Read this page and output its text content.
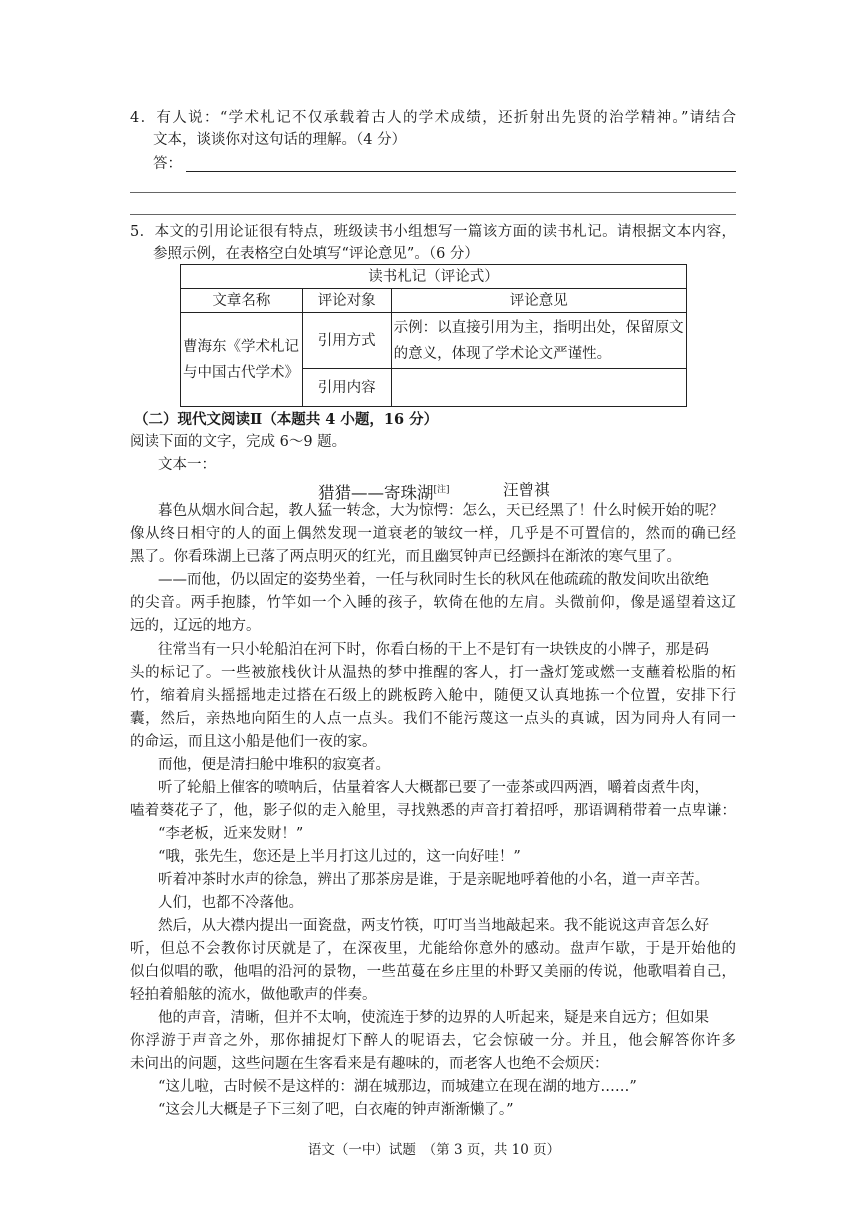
4．有人说：“学术札记不仅承载着古人的学术成绩，还折射出先贤的治学精神。”请结合
文本，谈谈你对这句话的理解。（4 分）
答：
5．本文的引用论证很有特点，班级读书小组想写一篇该方面的读书札记。请根据文本内容，
参照示例，在表格空白处填写“评论意见”。（6 分）
读书札记（评论式）		
文章名称	评论对象	评论意见
曹海东《学术札记与中国古代学术》	引用方式	示例：以直接引用为主，指明出处，保留原文的意义，体现了学术论文严谨性。
	引用内容	
（二）现代文阅读Ⅱ（本题共 4 小题，16 分）
阅读下面的文字，完成 6～9 题。
文本一：
猎猎——寄珠湖[注]	汪曾祺
暮色从烟水间合起，教人猛一转念，大为惊愕：怎么，天已经黑了！什么时候开始的呢？
像从终日相守的人的面上偶然发现一道衰老的皱纹一样，几乎是不可置信的，然而的确已经
黑了。你看珠湖上已落了两点明灭的红光，而且幽冥钟声已经颤抖在渐浓的寒气里了。
——而他，仍以固定的姿势坐着，一任与秋同时生长的秋风在他疏疏的散发间吹出欲绝
的尖音。两手抱膝，竹竿如一个入睡的孩子，软倚在他的左肩。头微前仰，像是遥望着这辽
远的，辽远的地方。
往常当有一只小轮船泊在河下时，你看白杨的干上不是钉有一块铁皮的小牌子，那是码
头的标记了。一些被旅栈伙计从温热的梦中推醒的客人，打一盏灯笼或燃一支蘸着松脂的柘
竹，缩着肩头摇摇地走过搭在石级上的跳板跨入舱中，随便又认真地拣一个位置，安排下行
囊，然后，亲热地向陌生的人点一点头。我们不能污蔑这一点头的真诚，因为同舟人有同一
的命运，而且这小船是他们一夜的家。
而他，便是清扫舱中堆积的寂寞者。
听了轮船上催客的喷呐后，估量着客人大概都已要了一壶茶或四两酒，嚼着卤煮牛肉，
嗑着葵花子了，他，影子似的走入舱里，寻找熟悉的声音打着招呼，那语调稍带着一点卑谦：
“李老板，近来发财！”
“哦，张先生，您还是上半月打这儿过的，这一向好哇！”
听着冲茶时水声的徐急，辨出了那茶房是谁，于是亲昵地呼着他的小名，道一声辛苦。
人们，也都不冷落他。
然后，从大襟内提出一面瓷盘，两支竹筷，叮叮当当地敲起来。我不能说这声音怎么好
听，但总不会教你讨厌就是了，在深夜里，尤能给你意外的感动。盘声乍歇，于是开始他的
似白似唱的歌，他唱的沿河的景物，一些茁蔓在乡庄里的朴野又美丽的传说，他歌唱着自己，
轻拍着船舷的流水，做他歌声的伴奏。
他的声音，清晰，但并不太响，使流连于梦的边界的人听起来，疑是来自远方；但如果
你浮游于声音之外，那你捕捉灯下醉人的呢语去，它会惊破一分。并且，他会解答你许多
未问出的问题，这些问题在生客看来是有趣味的，而老客人也绝不会烦厌：
“这儿啦，古时候不是这样的：湖在城那边，而城建立在现在湖的地方……”
“这会儿大概是子下三刻了吧，白衣庵的钟声渐渐懒了。”
语文（一中）试题　（第 3 页，共 10 页）
